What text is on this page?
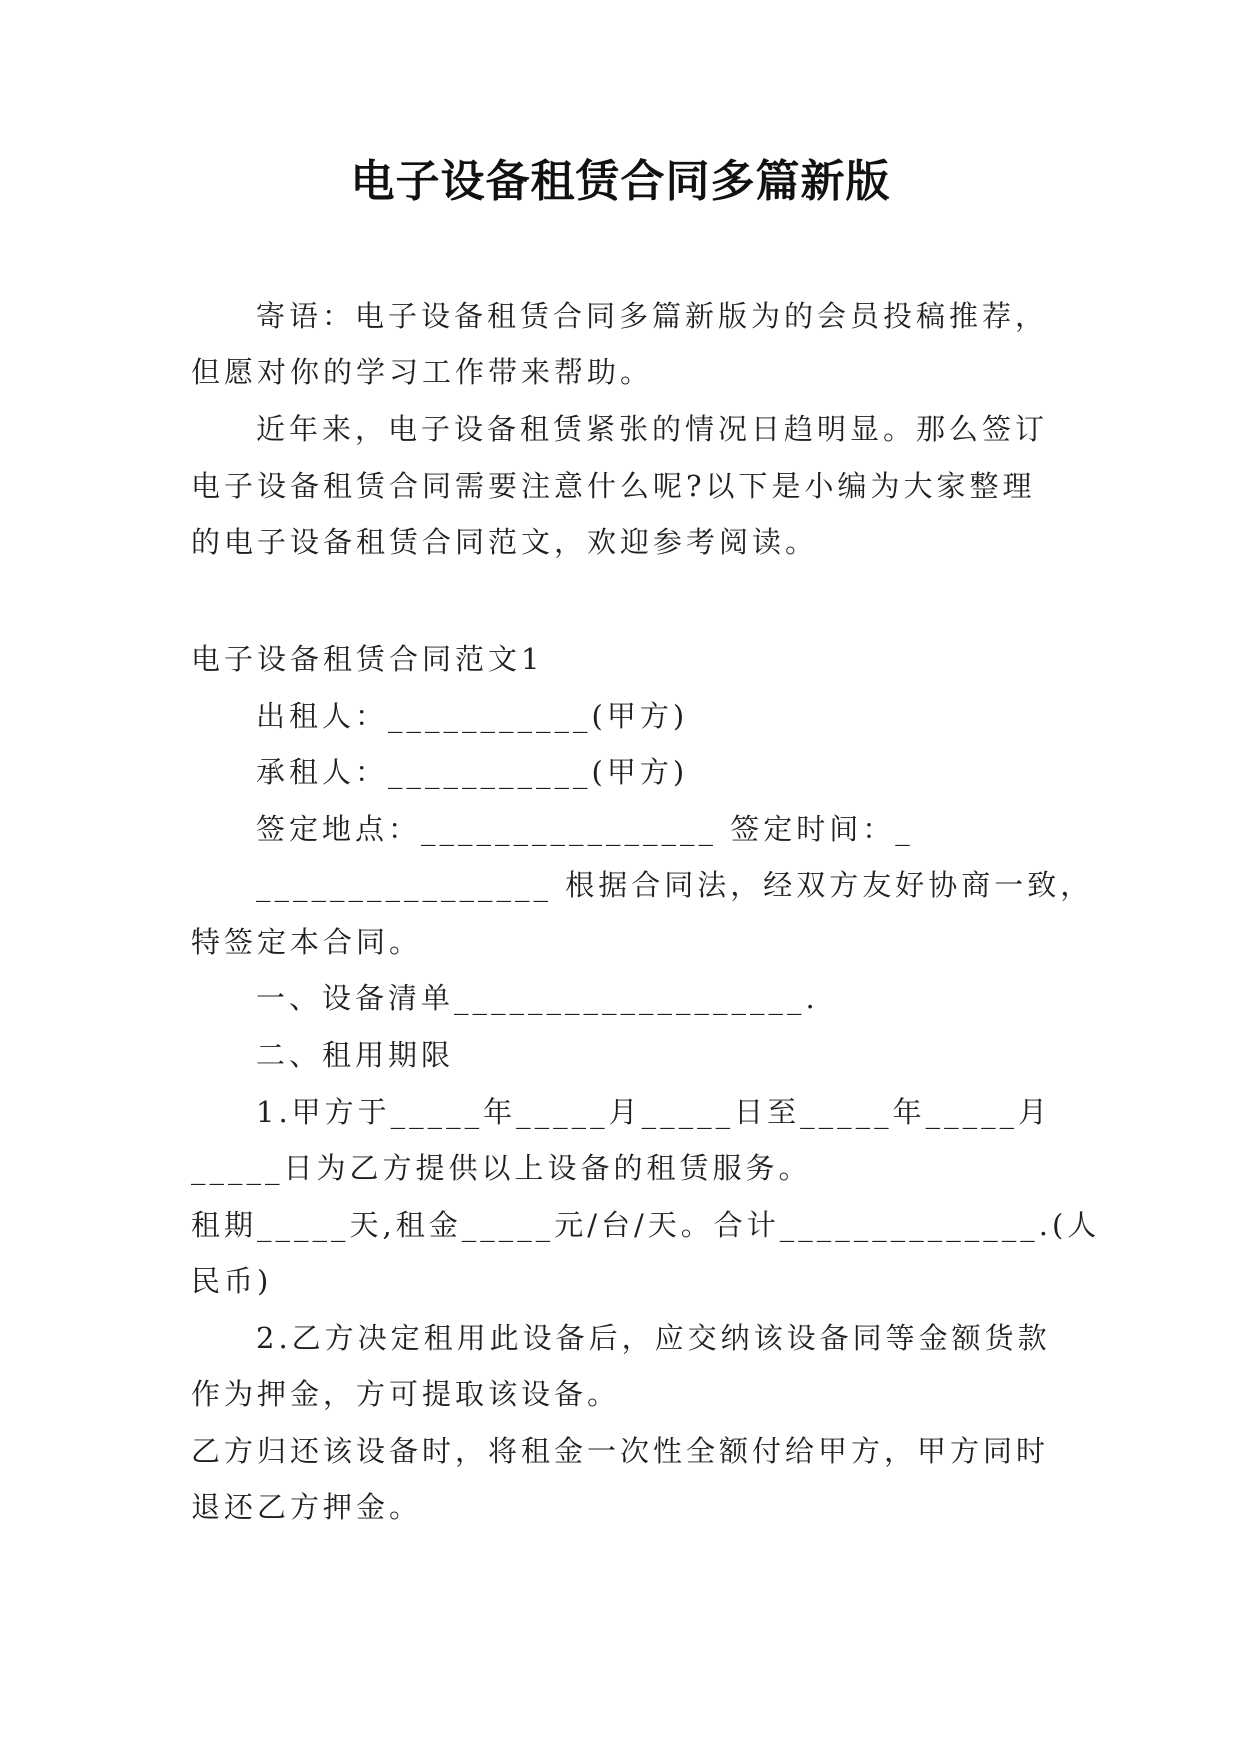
电子设备租赁合同多篇新版
寄语：电子设备租赁合同多篇新版为的会员投稿推荐，
但愿对你的学习工作带来帮助。
近年来，电子设备租赁紧张的情况日趋明显。那么签订
电子设备租赁合同需要注意什么呢?以下是小编为大家整理
的电子设备租赁合同范文，欢迎参考阅读。
电子设备租赁合同范文1
出租人：___________(甲方)
承租人：___________(甲方)
签定地点：________________ 签定时间：_
________________ 根据合同法，经双方友好协商一致，
特签定本合同。
一、设备清单___________________.
二、租用期限
1.甲方于_____年_____月_____日至_____年_____月
_____日为乙方提供以上设备的租赁服务。
租期_____天,租金_____元/台/天。合计______________.(人
民币)
2.乙方决定租用此设备后，应交纳该设备同等金额货款
作为押金，方可提取该设备。
乙方归还该设备时，将租金一次性全额付给甲方，甲方同时
退还乙方押金。
